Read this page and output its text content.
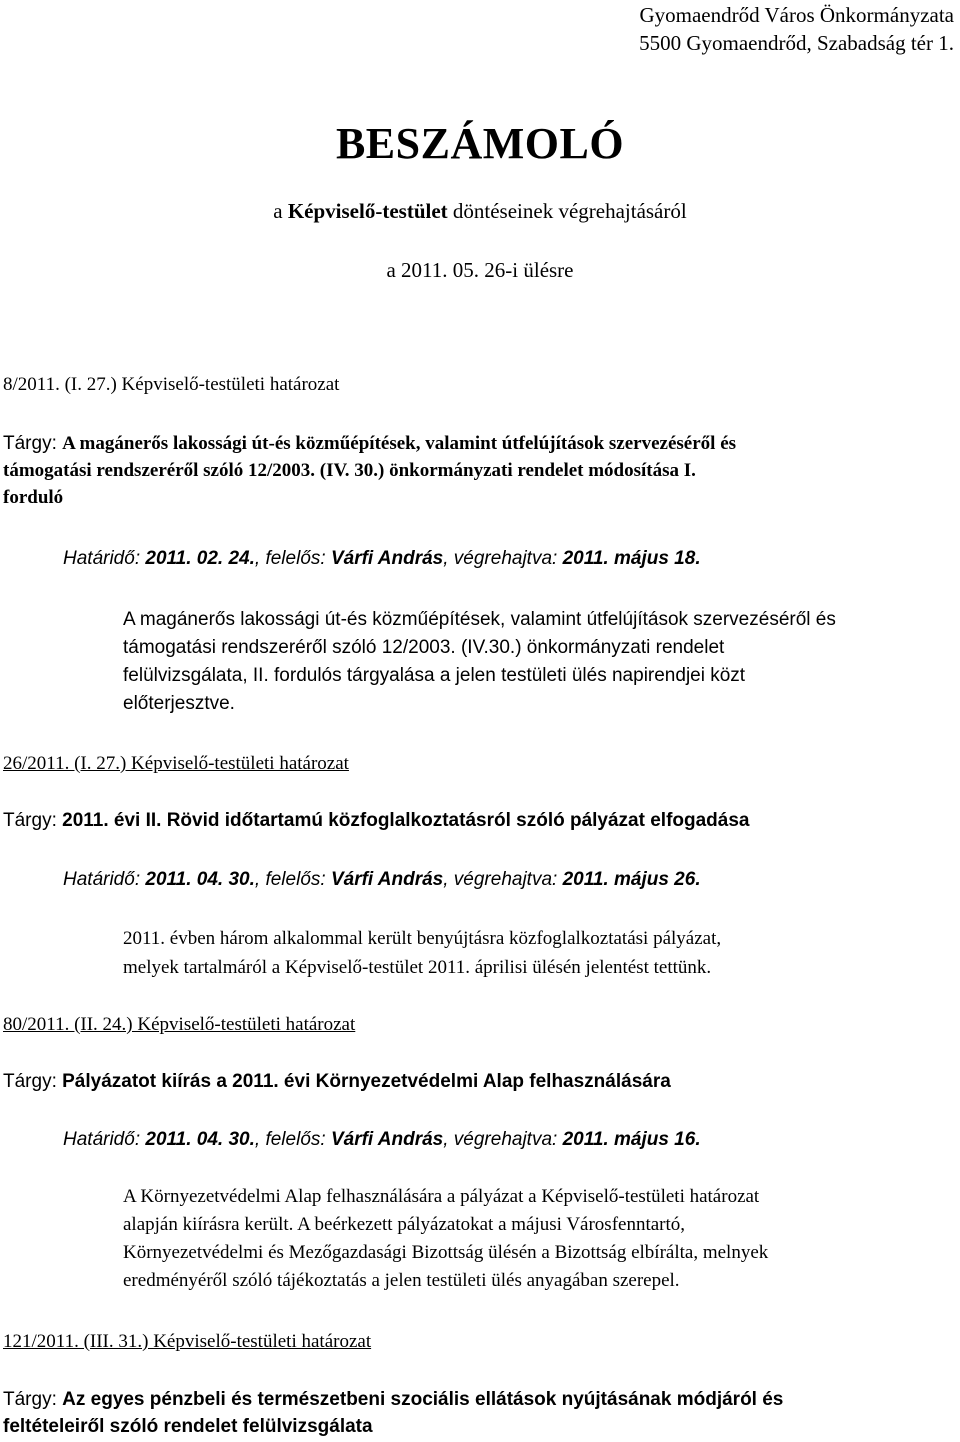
Gyomaendrőd Város Önkormányzata
5500 Gyomaendrőd, Szabadság tér 1.
BESZÁMOLÓ
a Képviselő-testület döntéseinek végrehajtásáról
a 2011. 05. 26-i ülésre
8/2011. (I. 27.) Képviselő-testületi határozat
Tárgy: A magánerős lakossági út-és közműépítések, valamint útfelújítások szervezéséről és
támogatási rendszeréről szóló 12/2003. (IV. 30.) önkormányzati rendelet módosítása I.
forduló
Határidő: 2011. 02. 24., felelős: Várfi András, végrehajtva: 2011. május 18.
A magánerős lakossági út-és közműépítések, valamint útfelújítások szervezéséről és
támogatási rendszeréről szóló 12/2003. (IV.30.) önkormányzati rendelet
felülvizsgálata, II. fordulós tárgyalása a jelen testületi ülés napirendjei közt
előterjesztve.
26/2011. (I. 27.) Képviselő-testületi határozat
Tárgy: 2011. évi II. Rövid időtartamú közfoglalkoztatásról szóló pályázat elfogadása
Határidő: 2011. 04. 30., felelős: Várfi András, végrehajtva: 2011. május 26.
2011. évben három alkalommal került benyújtásra közfoglalkoztatási pályázat,
melyek tartalmáról a Képviselő-testület 2011. áprilisi ülésén jelentést tettünk.
80/2011. (II. 24.) Képviselő-testületi határozat
Tárgy: Pályázatot kiírás a 2011. évi Környezetvédelmi Alap felhasználására
Határidő: 2011. 04. 30., felelős: Várfi András, végrehajtva: 2011. május 16.
A Környezetvédelmi Alap felhasználására a pályázat a Képviselő-testületi határozat
alapján kiírásra került. A beérkezett pályázatokat a májusi Városfenntartó,
Környezetvédelmi és Mezőgazdasági Bizottság ülésén a Bizottság elbírálta, melnyek
eredményéről szóló tájékoztatás a jelen testületi ülés anyagában szerepel.
121/2011. (III. 31.) Képviselő-testületi határozat
Tárgy: Az egyes pénzbeli és természetbeni szociális ellátások nyújtásának módjáról és
feltételeiről szóló rendelet felülvizsgálata
